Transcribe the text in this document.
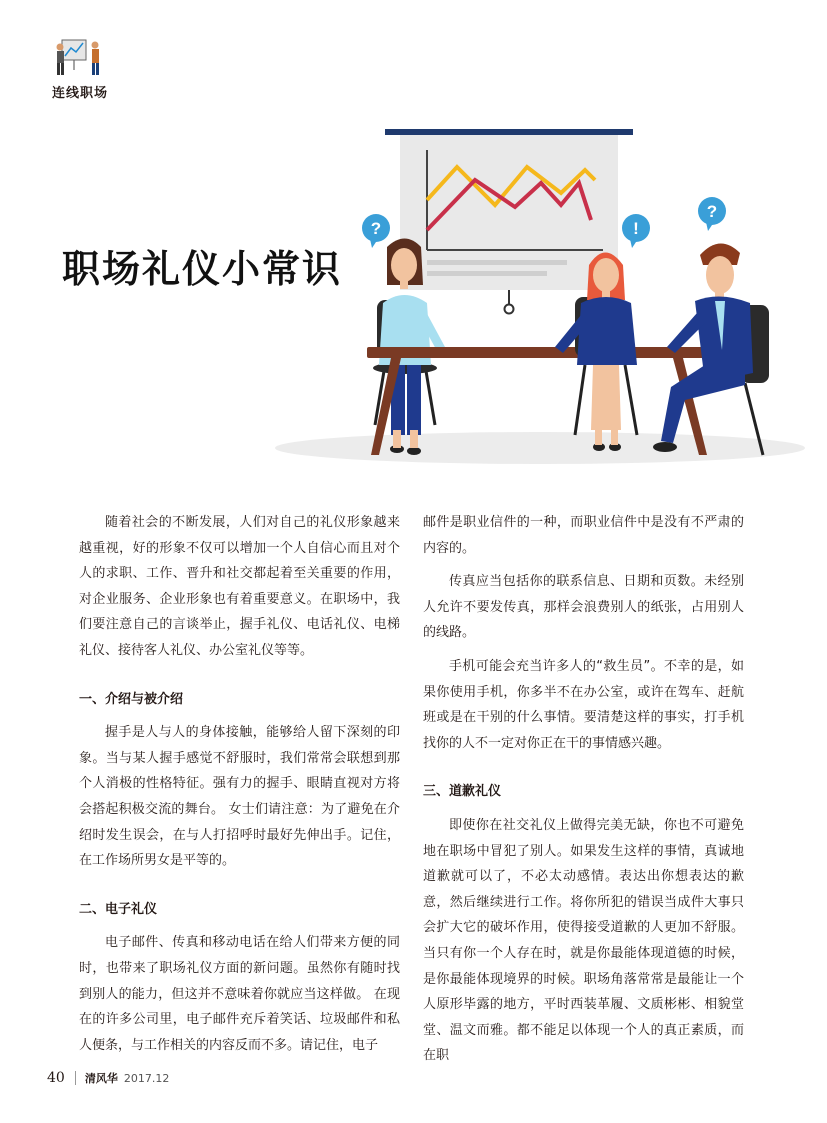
连线职场
?	!
?
职场礼仪小常识

随着社会的不断发展，人们对自己的礼仪形象越来越重视，好的形象不仅可以增加一个人自信心而且对个人的求职、工作、晋升和社交都起着至关重要的作用，对企业服务、企业形象也有着重要意义。在职场中，我们要注意自己的言谈举止，握手礼仪、电话礼仪、电梯礼仪、接待客人礼仪、办公室礼仪等等。

一、介绍与被介绍

握手是人与人的身体接触，能够给人留下深刻的印象。当与某人握手感觉不舒服时，我们常常会联想到那个人消极的性格特征。强有力的握手、眼睛直视对方将会搭起积极交流的舞台。 女士们请注意：为了避免在介绍时发生误会，在与人打招呼时最好先伸出手。记住，在工作场所男女是平等的。

二、电子礼仪

电子邮件、传真和移动电话在给人们带来方便的同时，也带来了职场礼仪方面的新问题。虽然你有随时找到别人的能力，但这并不意味着你就应当这样做。 在现在的许多公司里，电子邮件充斥着笑话、垃圾邮件和私人便条，与工作相关的内容反而不多。请记住，电子

邮件是职业信件的一种，而职业信件中是没有不严肃的内容的。

传真应当包括你的联系信息、日期和页数。未经别人允许不要发传真，那样会浪费别人的纸张，占用别人的线路。

手机可能会充当许多人的“救生员”。不幸的是，如果你使用手机，你多半不在办公室，或许在驾车、赶航班或是在干别的什么事情。要清楚这样的事实，打手机找你的人不一定对你正在干的事情感兴趣。

三、道歉礼仪

即使你在社交礼仪上做得完美无缺，你也不可避免地在职场中冒犯了别人。如果发生这样的事情，真诚地道歉就可以了，不必太动感情。表达出你想表达的歉意，然后继续进行工作。将你所犯的错误当成件大事只会扩大它的破坏作用，使得接受道歉的人更加不舒服。 当只有你一个人存在时，就是你最能体现道德的时候，是你最能体现境界的时候。职场角落常常是最能让一个人原形毕露的地方，平时西装革履、文质彬彬、相貌堂堂、温文而雅。都不能足以体现一个人的真正素质，而在职

40 清风华 2017.12
